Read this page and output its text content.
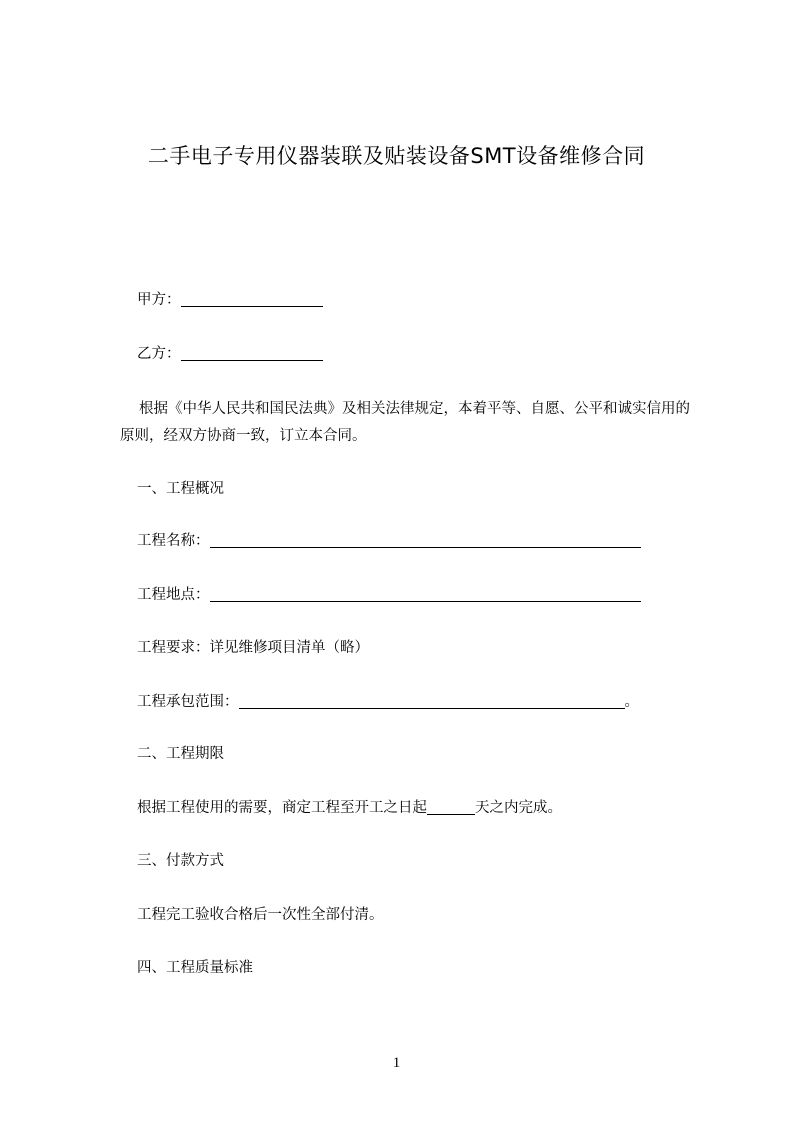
二手电子专用仪器装联及贴装设备SMT设备维修合同
甲方：
乙方：
根据《中华人民共和国民法典》及相关法律规定，本着平等、自愿、公平和诚实信用的原则，经双方协商一致，订立本合同。
一、工程概况
工程名称：
工程地点：
工程要求：详见维修项目清单（略）
工程承包范围：	。
二、工程期限
根据工程使用的需要，商定工程至开工之日起	天之内完成。
三、付款方式
工程完工验收合格后一次性全部付清。
四、工程质量标准
1
